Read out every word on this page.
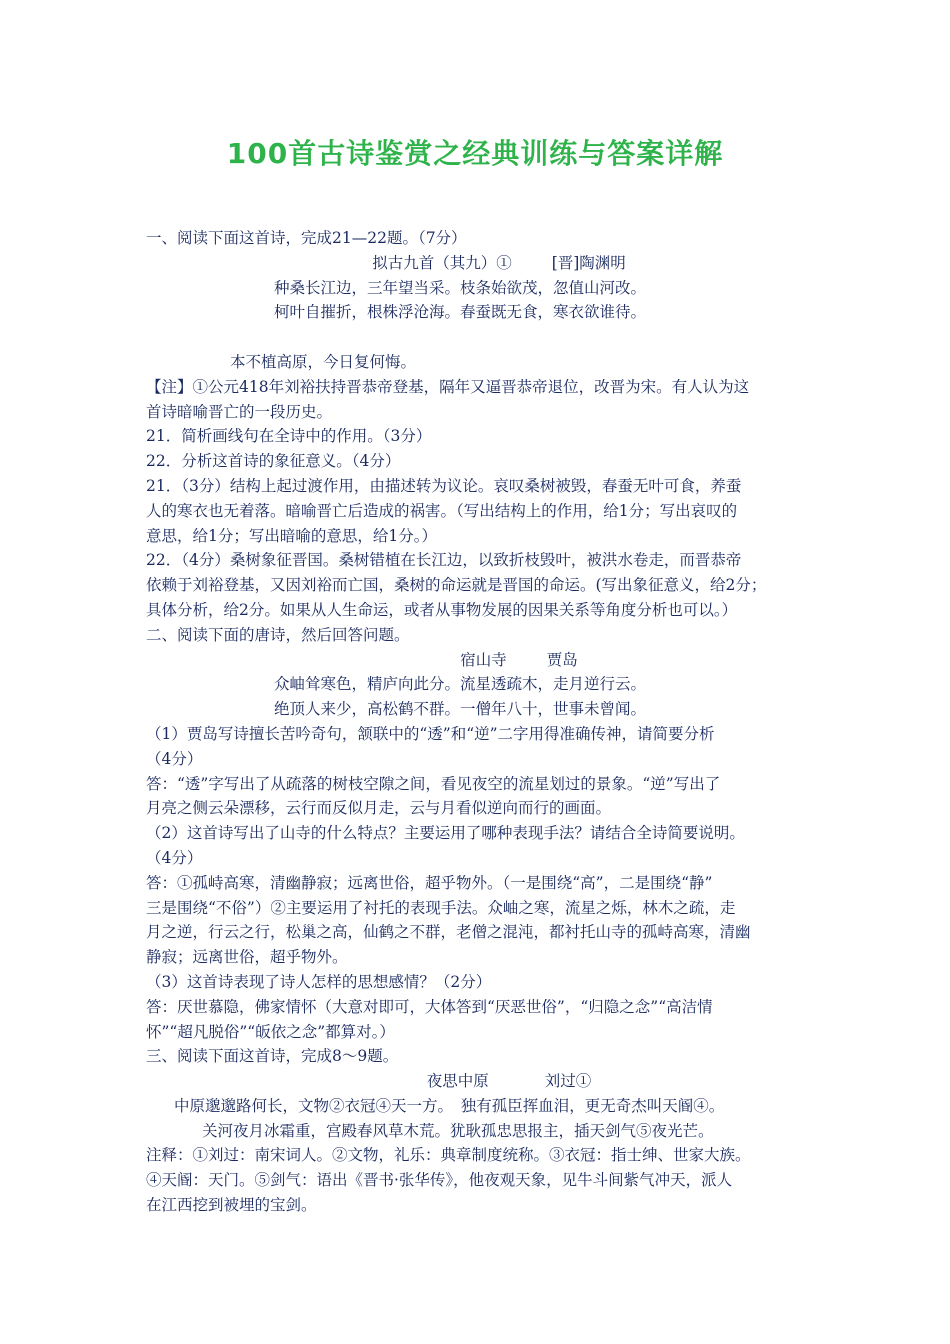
100首古诗鉴赏之经典训练与答案详解
一、阅读下面这首诗，完成21—22题。（7分）
拟古九首（其九）①	[晋]陶渊明
种桑长江边，三年望当采。枝条始欲茂，忽值山河改。
柯叶自摧折，根株浮沧海。春蚕既无食，寒衣欲谁待。
本不植高原，今日复何悔。
【注】①公元418年刘裕扶持晋恭帝登基，隔年又逼晋恭帝退位，改晋为宋。有人认为这
首诗暗喻晋亡的一段历史。
21．简析画线句在全诗中的作用。（3分）
22．分析这首诗的象征意义。（4分）
21．（3分）结构上起过渡作用，由描述转为议论。哀叹桑树被毁，春蚕无叶可食，养蚕
人的寒衣也无着落。暗喻晋亡后造成的祸害。（写出结构上的作用，给1分；写出哀叹的
意思，给1分；写出暗喻的意思，给1分。）
22．（4分）桑树象征晋国。桑树错植在长江边，以致折枝毁叶，被洪水卷走，而晋恭帝
依赖于刘裕登基，又因刘裕而亡国，桑树的命运就是晋国的命运。(写出象征意义，给2分；
具体分析，给2分。如果从人生命运，或者从事物发展的因果关系等角度分析也可以。）
二、阅读下面的唐诗，然后回答问题。
宿山寺	贾岛
众岫耸寒色，精庐向此分。流星透疏木，走月逆行云。
绝顶人来少，高松鹤不群。一僧年八十，世事未曾闻。
（1）贾岛写诗擅长苦吟奇句，颔联中的“透”和“逆”二字用得准确传神，请简要分析
（4分）
答：“透”字写出了从疏落的树枝空隙之间，看见夜空的流星划过的景象。“逆”写出了
月亮之侧云朵漂移，云行而反似月走，云与月看似逆向而行的画面。
（2）这首诗写出了山寺的什么特点？主要运用了哪种表现手法？请结合全诗简要说明。
（4分）
答：①孤峙高寒，清幽静寂；远离世俗，超乎物外。（一是围绕“高”，二是围绕“静”
三是围绕“不俗”）②主要运用了衬托的表现手法。众岫之寒，流星之烁，林木之疏，走
月之逆，行云之行，松巢之高，仙鹤之不群，老僧之混沌，都衬托山寺的孤峙高寒，清幽
静寂；远离世俗，超乎物外。
（3）这首诗表现了诗人怎样的思想感情？（2分）
答：厌世慕隐，佛家情怀（大意对即可，大体答到“厌恶世俗”，“归隐之念”“高洁情
怀”“超凡脱俗”“皈依之念”都算对。）
三、阅读下面这首诗，完成8～9题。
夜思中原	刘过①
中原邈邈路何长，文物②衣冠④天一方。　独有孤臣挥血泪，更无奇杰叫天阍④。
关河夜月冰霜重，宫殿春风草木荒。犹耿孤忠思报主，插天剑气⑤夜光芒。
注释：①刘过：南宋词人。②文物，礼乐：典章制度统称。③衣冠：指士绅、世家大族。
④天阍：天门。⑤剑气：语出《晋书·张华传》，他夜观天象，见牛斗间紫气冲天，派人
在江西挖到被埋的宝剑。
